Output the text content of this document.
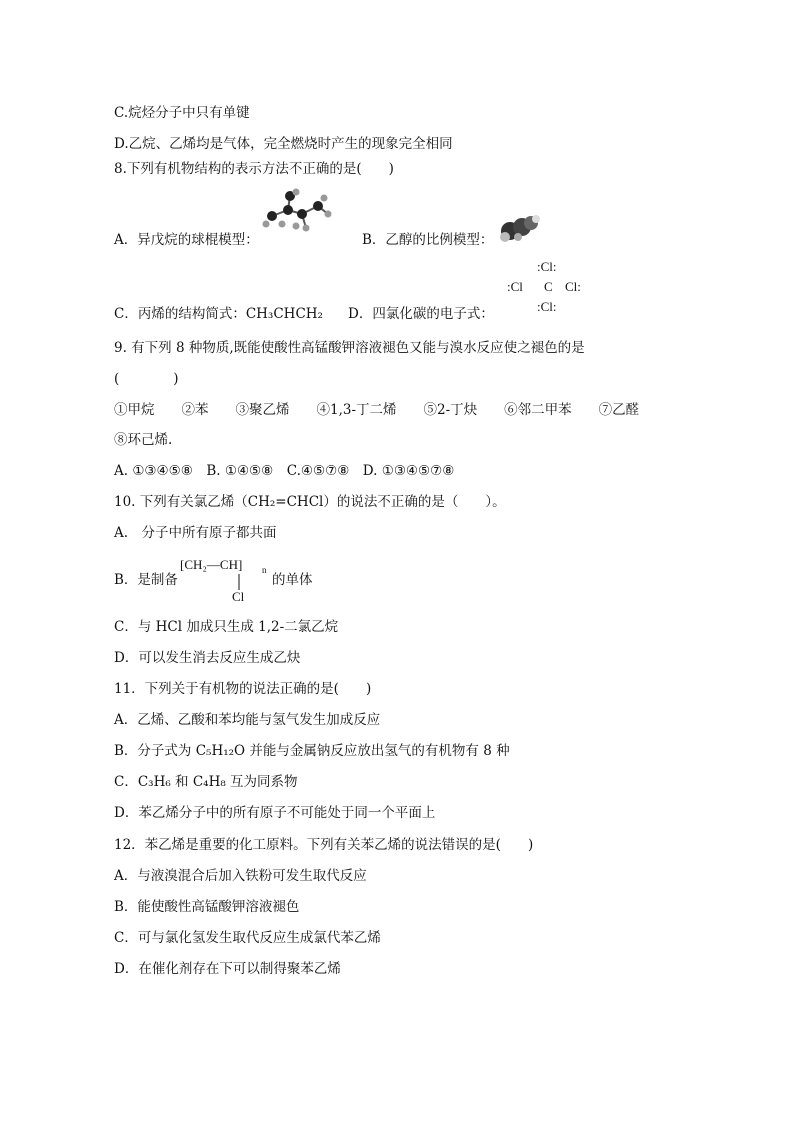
C.烷烃分子中只有单键
D.乙烷、乙烯均是气体，完全燃烧时产生的现象完全相同
8.下列有机物结构的表示方法不正确的是(　　)
A．异戊烷的球棍模型：	B．乙醇的比例模型：
C．丙烯的结构简式：CH₃CHCH₂ D．四氯化碳的电子式：
:Cl:
:Cl C Cl:
:Cl:
9. 有下列 8 种物质,既能使酸性高锰酸钾溶液褪色又能与溴水反应使之褪色的是
(　　　　)
①甲烷　　②苯　　③聚乙烯　　④1,3-丁二烯　　⑤2-丁炔　　⑥邻二甲苯　　⑦乙醛
⑧环己烯.
A. ①③④⑤⑧　B. ①④⑤⑧　C.④⑤⑦⑧　D. ①③④⑤⑦⑧
10. 下列有关氯乙烯（CH₂=CHCl）的说法不正确的是（　　）。
A.　分子中所有原子都共面
B．是制备
[CH₂—CH] n
Cl
的单体
C．与 HCl 加成只生成 1,2-二氯乙烷
D．可以发生消去反应生成乙炔
11．下列关于有机物的说法正确的是(　　)
A．乙烯、乙酸和苯均能与氢气发生加成反应
B．分子式为 C₅H₁₂O 并能与金属钠反应放出氢气的有机物有 8 种
C．C₃H₆ 和 C₄H₈ 互为同系物
D．苯乙烯分子中的所有原子不可能处于同一个平面上
12．苯乙烯是重要的化工原料。下列有关苯乙烯的说法错误的是(　　)
A．与液溴混合后加入铁粉可发生取代反应
B．能使酸性高锰酸钾溶液褪色
C．可与氯化氢发生取代反应生成氯代苯乙烯
D．在催化剂存在下可以制得聚苯乙烯
